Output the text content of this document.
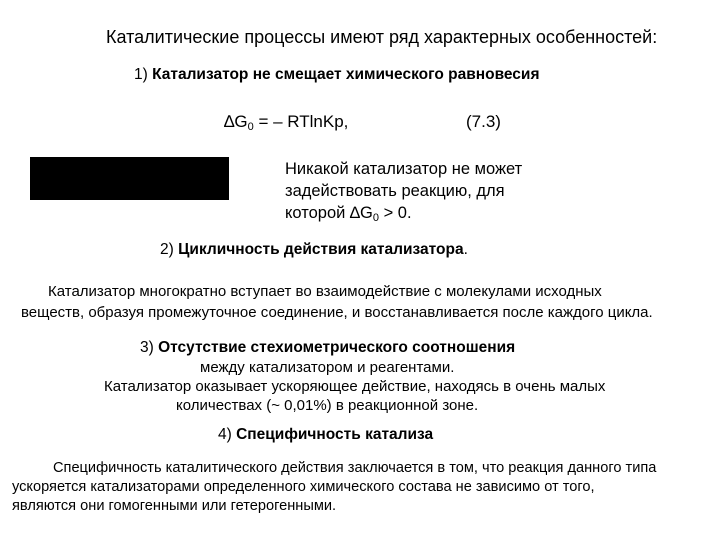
Каталитические процессы имеют ряд характерных особенностей:
1) Катализатор не смещает химического равновесия
$\Delta G_0$ = – RTlnKp,	(7.3)
Никакой катализатор не может
задействовать реакцию, для
которой $\Delta G_0 > 0$.
2) Цикличность действия катализатора.
Катализатор многократно вступает во взаимодействие с молекулами исходных
веществ, образуя промежуточное соединение, и восстанавливается после каждого цикла.
3) Отсутствие стехиометрического соотношения
между катализатором и реагентами.
Катализатор оказывает ускоряющее действие, находясь в очень малых
количествах (~ 0,01%) в реакционной зоне.
4) Специфичность катализа
Специфичность каталитического действия заключается в том, что реакция данного типа
ускоряется катализаторами определенного химического состава не зависимо от того,
являются они гомогенными или гетерогенными.
